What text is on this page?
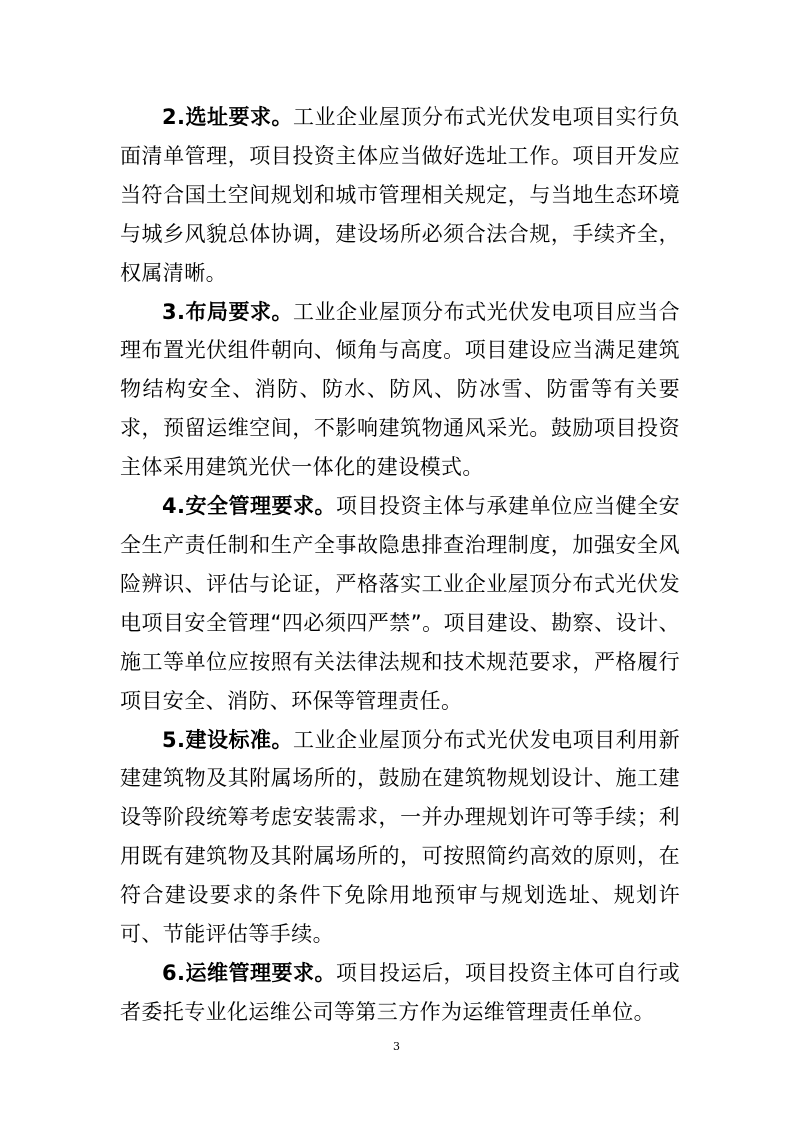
2.选址要求。工业企业屋顶分布式光伏发电项目实行负面清单管理，项目投资主体应当做好选址工作。项目开发应当符合国土空间规划和城市管理相关规定，与当地生态环境与城乡风貌总体协调，建设场所必须合法合规，手续齐全，权属清晰。

3.布局要求。工业企业屋顶分布式光伏发电项目应当合理布置光伏组件朝向、倾角与高度。项目建设应当满足建筑物结构安全、消防、防水、防风、防冰雪、防雷等有关要求，预留运维空间，不影响建筑物通风采光。鼓励项目投资主体采用建筑光伏一体化的建设模式。

4.安全管理要求。项目投资主体与承建单位应当健全安全生产责任制和生产全事故隐患排查治理制度，加强安全风险辨识、评估与论证，严格落实工业企业屋顶分布式光伏发电项目安全管理“四必须四严禁”。项目建设、勘察、设计、施工等单位应按照有关法律法规和技术规范要求，严格履行项目安全、消防、环保等管理责任。

5.建设标准。工业企业屋顶分布式光伏发电项目利用新建建筑物及其附属场所的，鼓励在建筑物规划设计、施工建设等阶段统筹考虑安装需求，一并办理规划许可等手续；利用既有建筑物及其附属场所的，可按照简约高效的原则，在符合建设要求的条件下免除用地预审与规划选址、规划许可、节能评估等手续。

6.运维管理要求。项目投运后，项目投资主体可自行或者委托专业化运维公司等第三方作为运维管理责任单位。

3
